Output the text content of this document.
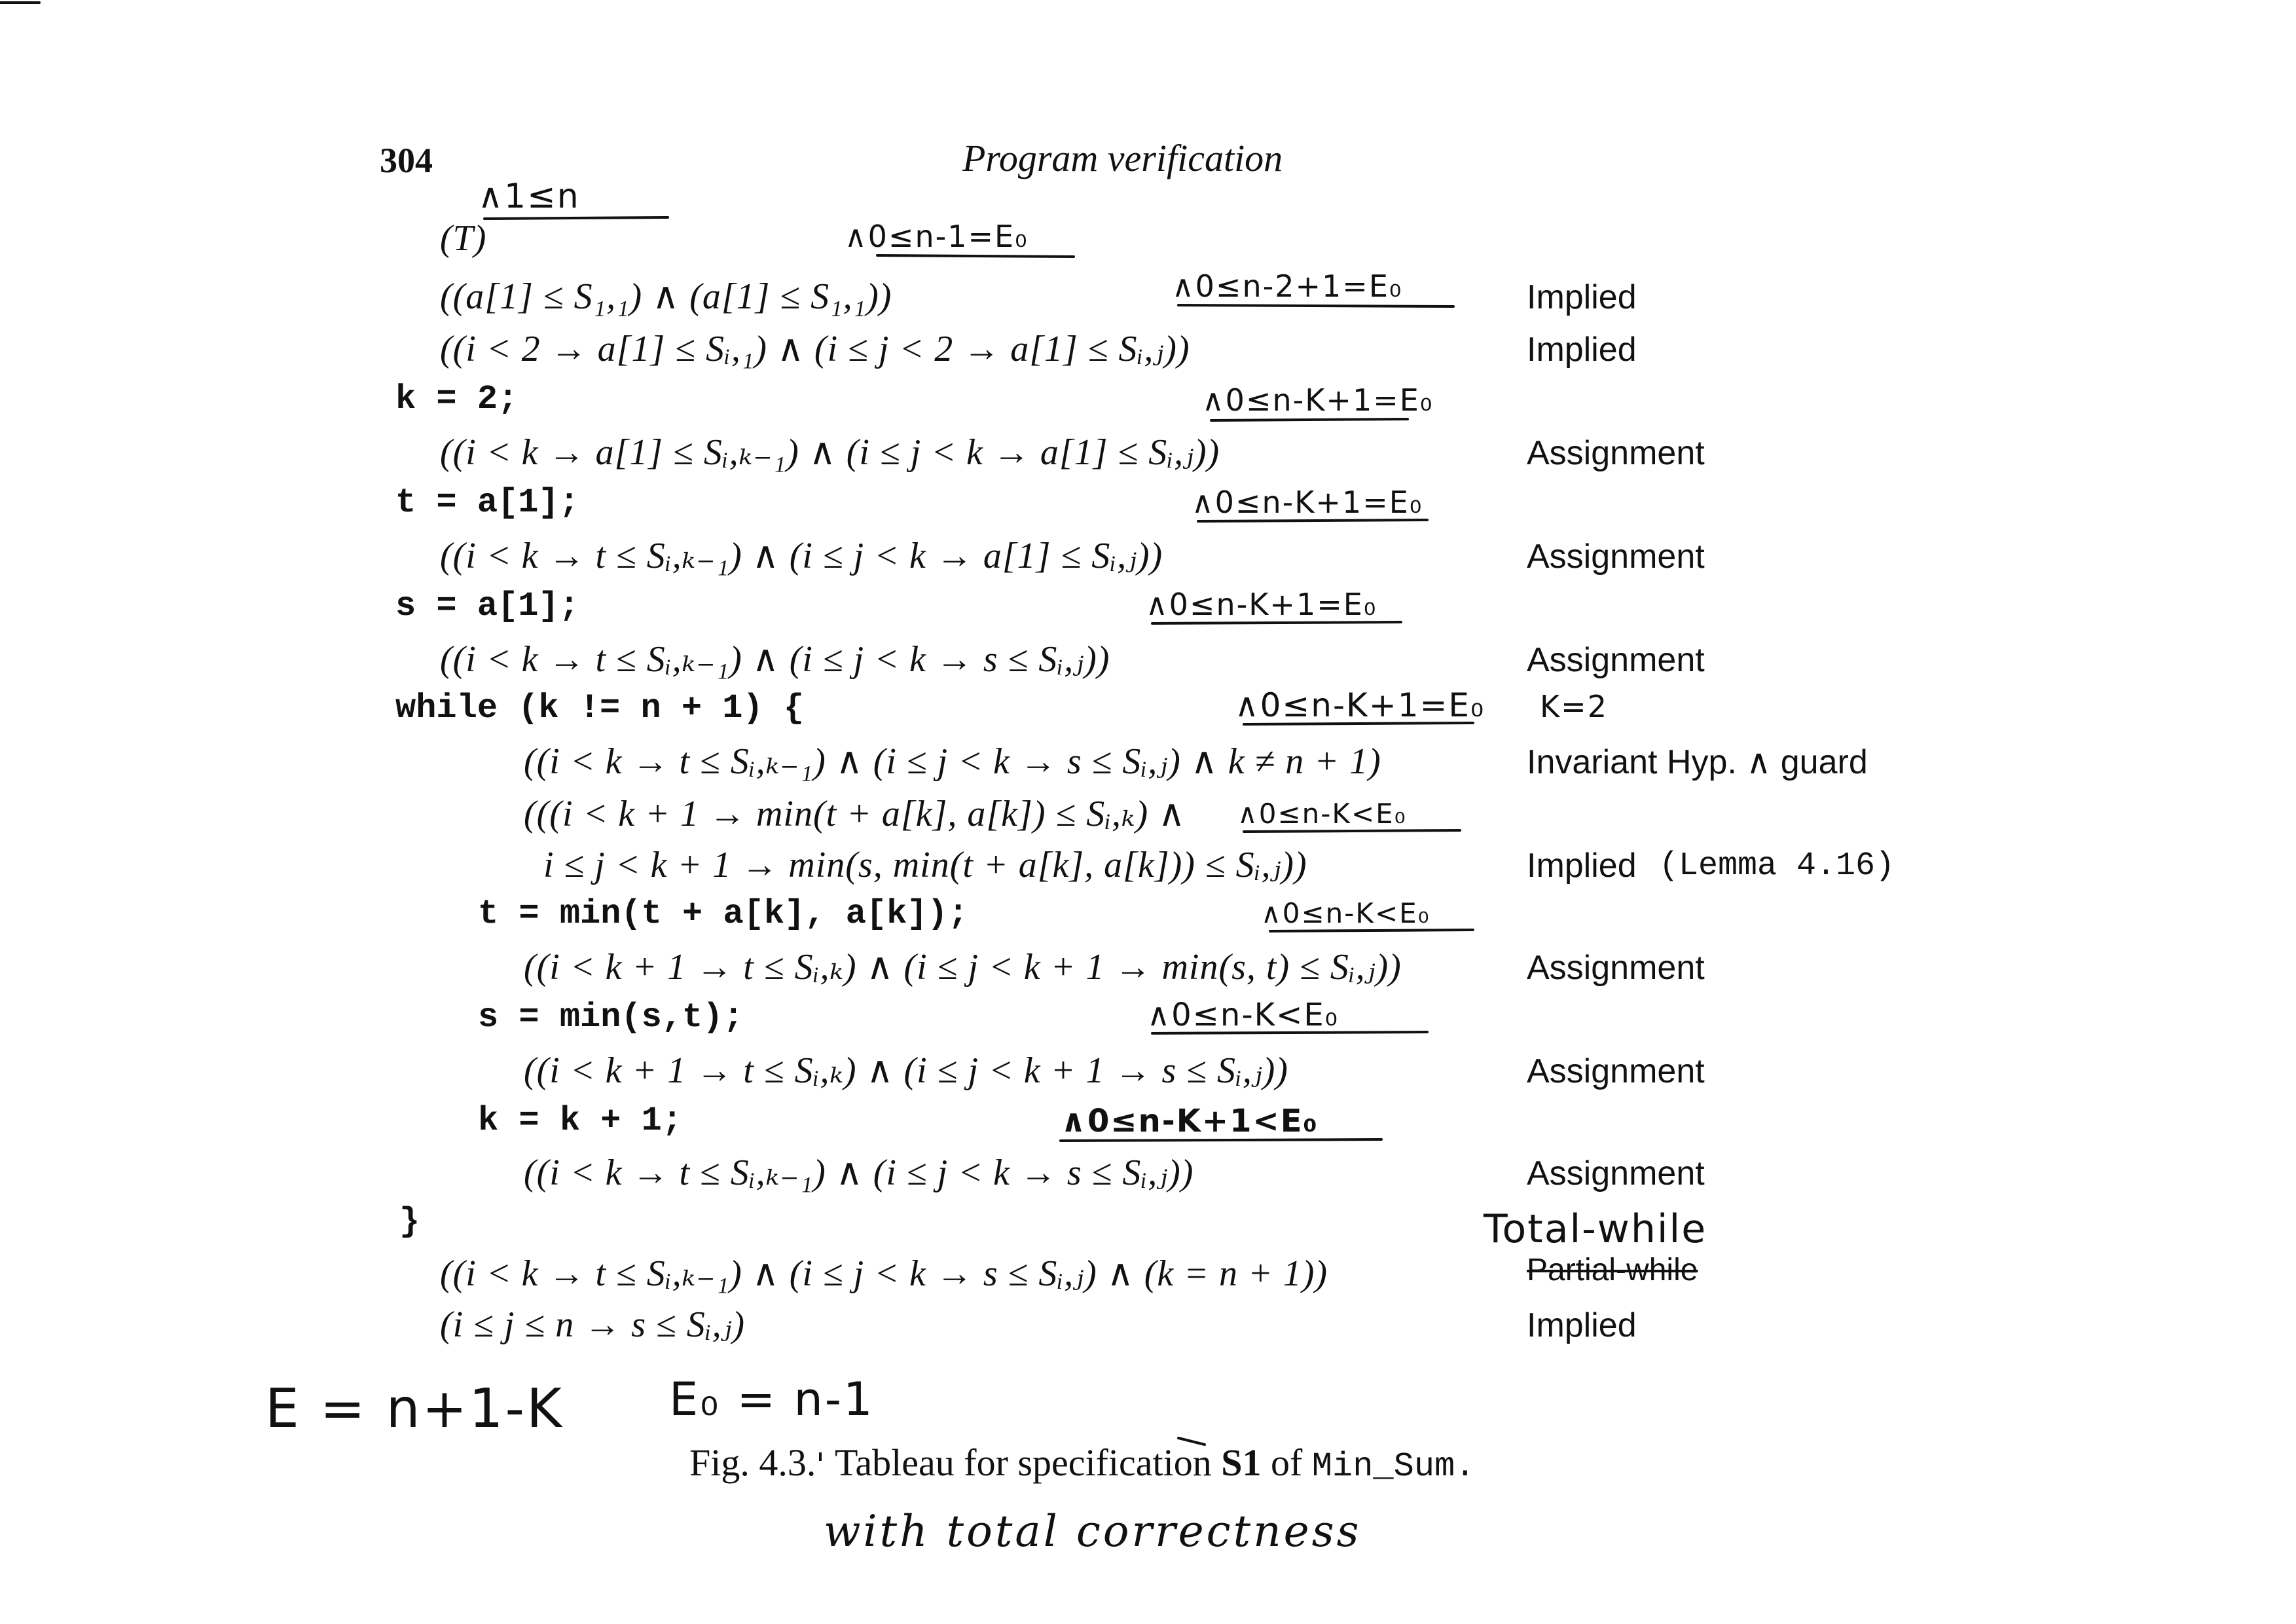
304	Program verification
(T)
((a[1] ≤ S₁,₁) ∧ (a[1] ≤ S₁,₁))	Implied
((i < 2 → a[1] ≤ Sᵢ,₁) ∧ (i ≤ j < 2 → a[1] ≤ Sᵢ,ⱼ))	Implied
k = 2;
((i < k → a[1] ≤ Sᵢ,ₖ₋₁) ∧ (i ≤ j < k → a[1] ≤ Sᵢ,ⱼ))	Assignment
t = a[1];
((i < k → t ≤ Sᵢ,ₖ₋₁) ∧ (i ≤ j < k → a[1] ≤ Sᵢ,ⱼ))	Assignment
s = a[1];
((i < k → t ≤ Sᵢ,ₖ₋₁) ∧ (i ≤ j < k → s ≤ Sᵢ,ⱼ))	Assignment
while (k != n + 1) {
((i < k → t ≤ Sᵢ,ₖ₋₁) ∧ (i ≤ j < k → s ≤ Sᵢ,ⱼ) ∧ k ≠ n + 1)	Invariant Hyp. ∧ guard
(((i < k + 1 → min(t + a[k], a[k]) ≤ Sᵢ,ₖ) ∧
i ≤ j < k + 1 → min(s, min(t + a[k], a[k])) ≤ Sᵢ,ⱼ))	Implied (Lemma 4.16)
t = min(t + a[k], a[k]);
((i < k + 1 → t ≤ Sᵢ,ₖ) ∧ (i ≤ j < k + 1 → min(s, t) ≤ Sᵢ,ⱼ))	Assignment
s = min(s,t);
((i < k + 1 → t ≤ Sᵢ,ₖ) ∧ (i ≤ j < k + 1 → s ≤ Sᵢ,ⱼ))	Assignment
k = k + 1;
((i < k → t ≤ Sᵢ,ₖ₋₁) ∧ (i ≤ j < k → s ≤ Sᵢ,ⱼ))	Assignment
}
((i < k → t ≤ Sᵢ,ₖ₋₁) ∧ (i ≤ j < k → s ≤ Sᵢ,ⱼ) ∧ (k = n + 1))	Partial-while
(i ≤ j ≤ n → s ≤ Sᵢ,ⱼ)	Implied
∧1≤n
∧0≤n-1=E₀
∧0≤n-2+1=E₀
∧0≤n-K+1=E₀
∧0≤n-K+1=E₀
∧0≤n-K+1=E₀
∧0≤n-K+1=E₀ K=2
∧0≤n-K<E₀
∧0≤n-K<E₀
∧0≤n-K<E₀
∧0≤n-K+1<E₀
Total-while
E = n+1-K E₀ = n-1
Fig. 4.3.' Tableau for specification S1 of Min_Sum.
with total correctness
